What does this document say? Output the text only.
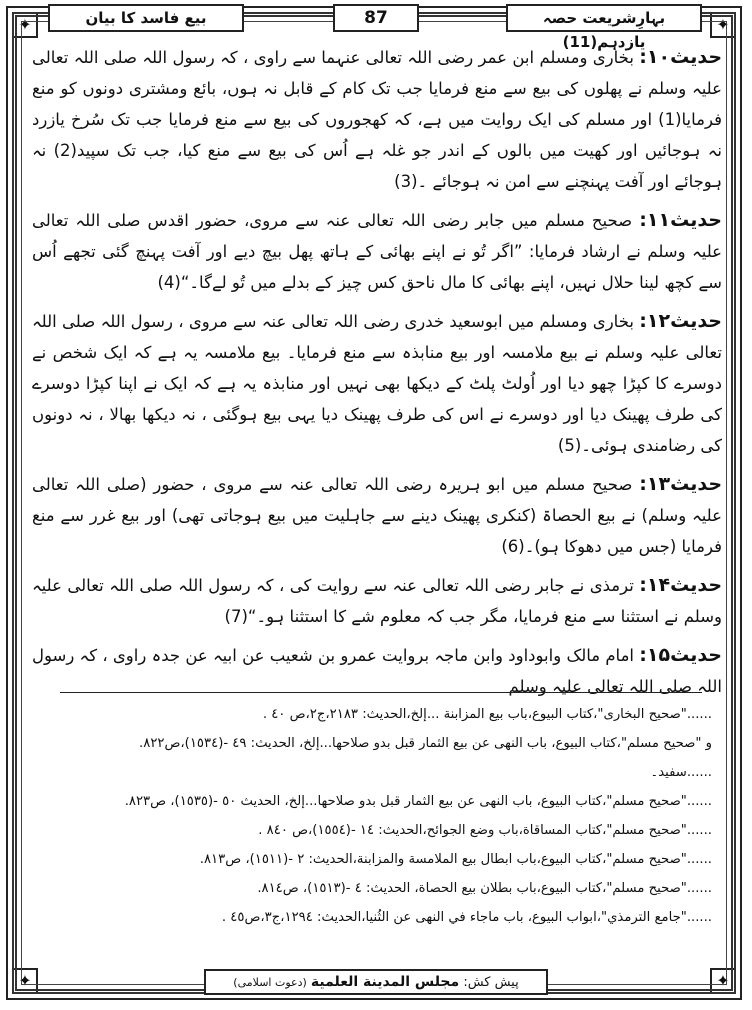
✦	✦
✦	✦
بہارِشریعت حصہ یازدہم(11)
87
بیع فاسد کا بیان

حدیث۱۰: بخاری ومسلم ابن عمر رضی اللہ تعالی عنہما سے راوی ، کہ رسول اللہ صلی اللہ تعالی علیہ وسلم نے پھلوں کی بیع سے منع فرمایا جب تک کام کے قابل نہ ہوں، بائع ومشتری دونوں کو منع فرمایا(1) اور مسلم کی ایک روایت میں ہے، کہ کھجوروں کی بیع سے منع فرمایا جب تک سُرخ یازرد نہ ہوجائیں اور کھیت میں بالوں کے اندر جو غلہ ہے اُس کی بیع سے منع کیا، جب تک سپید(2) نہ ہوجائے اور آفت پہنچنے سے امن نہ ہوجائے ۔(3)

حدیث۱۱: صحیح مسلم میں جابر رضی اللہ تعالی عنہ سے مروی، حضور اقدس صلی اللہ تعالی علیہ وسلم نے ارشاد فرمایا: ”اگر تُو نے اپنے بھائی کے ہاتھ پھل بیچ دیے اور آفت پہنچ گئی تجھے اُس سے کچھ لینا حلال نہیں، اپنے بھائی کا مال ناحق کس چیز کے بدلے میں تُو لےگا۔“(4)

حدیث۱۲: بخاری ومسلم میں ابوسعید خدری رضی اللہ تعالی عنہ سے مروی ، رسول اللہ صلی اللہ تعالی علیہ وسلم نے بیع ملامسہ اور بیع منابذہ سے منع فرمایا۔ بیع ملامسہ یہ ہے کہ ایک شخص نے دوسرے کا کپڑا چھو دیا اور اُولٹ پلٹ کے دیکھا بھی نہیں اور منابذہ یہ ہے کہ ایک نے اپنا کپڑا دوسرے کی طرف پھینک دیا اور دوسرے نے اس کی طرف پھینک دیا یہی بیع ہوگئی ، نہ دیکھا بھالا ، نہ دونوں کی رضامندی ہوئی۔(5)

حدیث۱۳: صحیح مسلم میں ابو ہریرہ رضی اللہ تعالی عنہ سے مروی ، حضور (صلی اللہ تعالی علیہ وسلم) نے بیع الحصاۃ (کنکری پھینک دینے سے جاہلیت میں بیع ہوجاتی تھی) اور بیع غرر سے منع فرمایا (جس میں دھوکا ہو)۔(6)

حدیث۱۴: ترمذی نے جابر رضی اللہ تعالی عنہ سے روایت کی ، کہ رسول اللہ صلی اللہ تعالی علیہ وسلم نے استثنا سے منع فرمایا، مگر جب کہ معلوم شے کا استثنا ہو۔“(7)

حدیث۱۵: امام مالک وابوداود وابن ماجہ بروایت عمرو بن شعیب عن ابیہ عن جدہ راوی ، کہ رسول اللہ صلی اللہ تعالی علیہ وسلم

......"صحیح البخاری"،کتاب البیوع،باب بیع المزابنة ...إلخ،الحدیث: ۲۱۸۳،ج۲،ص ٤٠ .
و "صحیح مسلم"،کتاب البیوع، باب النهی عن بیع الثمار قبل بدو صلاحها...إلخ، الحدیث: ٤٩ -(۱٥۳٤)،ص۸۲۲.
......سفید۔
......"صحیح مسلم"،کتاب البیوع، باب النهی عن بیع الثمار قبل بدو صلاحها...إلخ، الحدیث ٥٠ -(۱٥۳٥)، ص۸۲۳.
......"صحیح مسلم"،کتاب المساقاة،باب وضع الجوائح،الحدیث: ۱٤ -(۱٥٥٤)،ص ۸٤٠ .
......"صحیح مسلم"،کتاب البیوع،باب ابطال بیع الملامسة والمزابنة،الحدیث: ۲ -(۱٥۱۱)، ص۸۱۳.
......"صحیح مسلم"،کتاب البیوع،باب بطلان بیع الحصاة، الحدیث: ٤ -(۱٥۱۳)، ص۸۱٤.
......"جامع الترمذي"،ابواب البیوع، باب ماجاء في النهی عن الثُنیا،الحدیث: ۱۲۹٤،ج۳،ص٤٥ .
پیش کش: مجلس المدینة العلمیة (دعوت اسلامی)
